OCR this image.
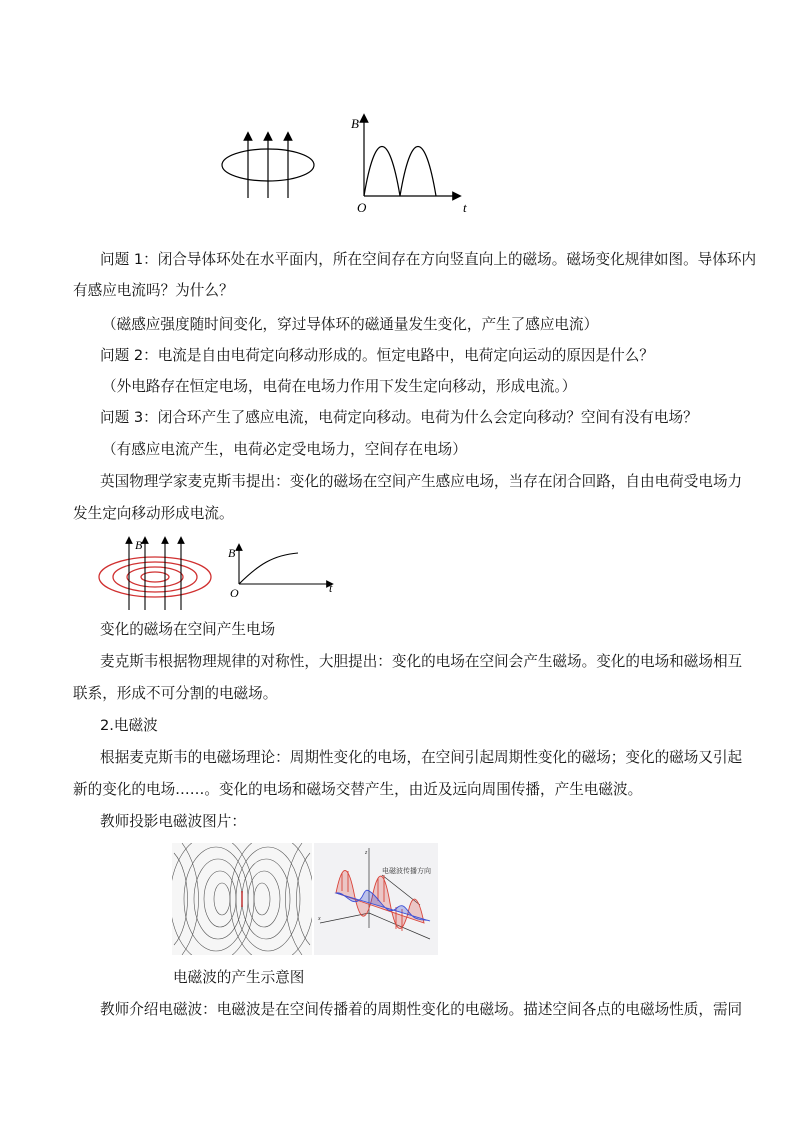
B
O	t
问题 1：闭合导体环处在水平面内，所在空间存在方向竖直向上的磁场。磁场变化规律如图。导体环内
有感应电流吗？为什么？
（磁感应强度随时间变化，穿过导体环的磁通量发生变化，产生了感应电流）
问题 2：电流是自由电荷定向移动形成的。恒定电路中，电荷定向运动的原因是什么？
（外电路存在恒定电场，电荷在电场力作用下发生定向移动，形成电流。）
问题 3：闭合环产生了感应电流，电荷定向移动。电荷为什么会定向移动？空间有没有电场？
（有感应电流产生，电荷必定受电场力，空间存在电场）
英国物理学家麦克斯韦提出：变化的磁场在空间产生感应电场，当存在闭合回路，自由电荷受电场力
发生定向移动形成电流。
B
B
O	t
变化的磁场在空间产生电场
麦克斯韦根据物理规律的对称性，大胆提出：变化的电场在空间会产生磁场。变化的电场和磁场相互
联系，形成不可分割的电磁场。
2.电磁波
根据麦克斯韦的电磁场理论：周期性变化的电场，在空间引起周期性变化的磁场；变化的磁场又引起
新的变化的电场……。变化的电场和磁场交替产生，由近及远向周围传播，产生电磁波。
教师投影电磁波图片：
z
x
电磁波传播方向
电磁波的产生示意图
教师介绍电磁波：电磁波是在空间传播着的周期性变化的电磁场。描述空间各点的电磁场性质，需同
